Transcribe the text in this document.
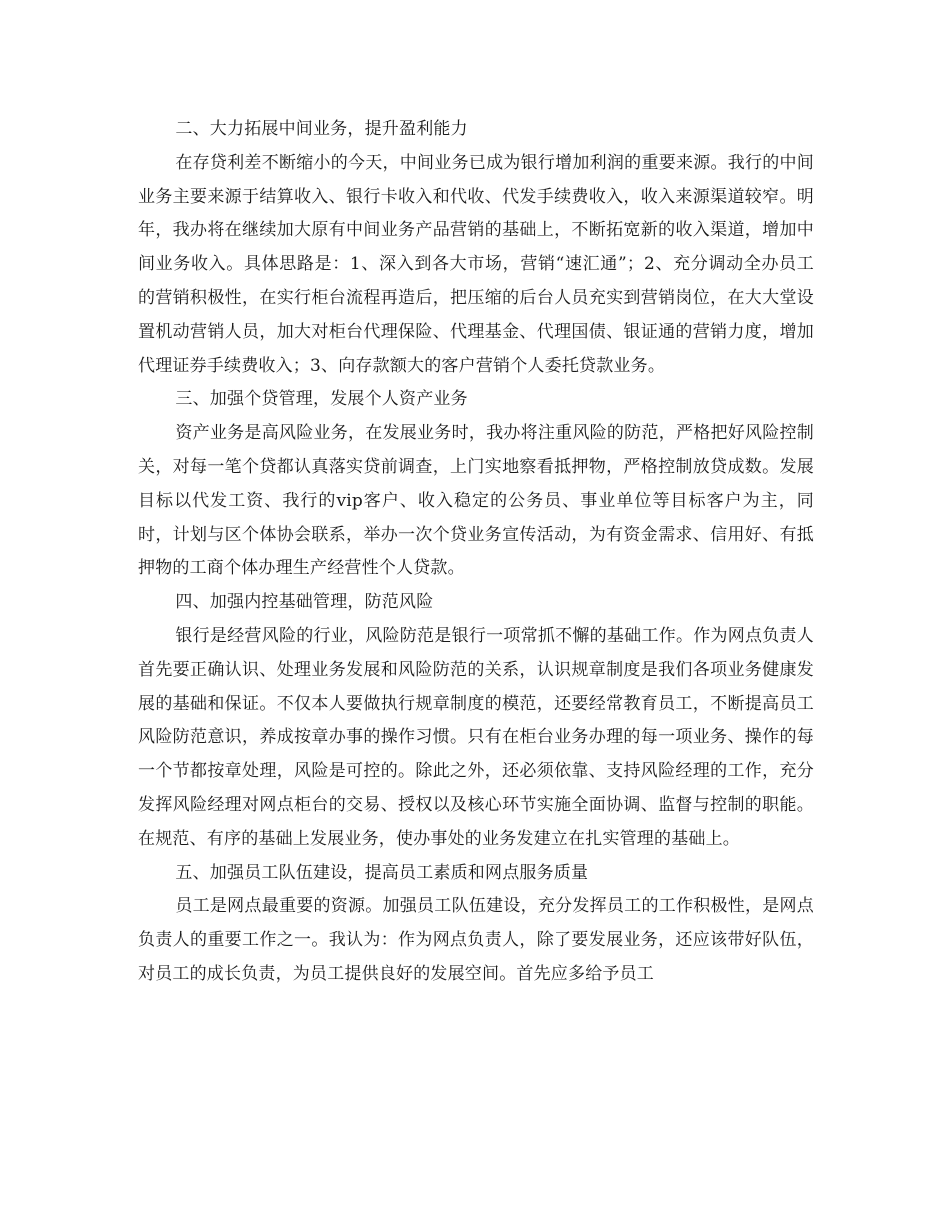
二、大力拓展中间业务，提升盈利能力

在存贷利差不断缩小的今天，中间业务已成为银行增加利润的重要来源。我行的中间业务主要来源于结算收入、银行卡收入和代收、代发手续费收入，收入来源渠道较窄。明年，我办将在继续加大原有中间业务产品营销的基础上，不断拓宽新的收入渠道，增加中间业务收入。具体思路是：1、深入到各大市场，营销“速汇通”；2、充分调动全办员工的营销积极性，在实行柜台流程再造后，把压缩的后台人员充实到营销岗位，在大大堂设置机动营销人员，加大对柜台代理保险、代理基金、代理国债、银证通的营销力度，增加代理证券手续费收入；3、向存款额大的客户营销个人委托贷款业务。

三、加强个贷管理，发展个人资产业务

资产业务是高风险业务，在发展业务时，我办将注重风险的防范，严格把好风险控制关，对每一笔个贷都认真落实贷前调查，上门实地察看抵押物，严格控制放贷成数。发展目标以代发工资、我行的vip客户、收入稳定的公务员、事业单位等目标客户为主，同时，计划与区个体协会联系，举办一次个贷业务宣传活动，为有资金需求、信用好、有抵押物的工商个体办理生产经营性个人贷款。

四、加强内控基础管理，防范风险

银行是经营风险的行业，风险防范是银行一项常抓不懈的基础工作。作为网点负责人首先要正确认识、处理业务发展和风险防范的关系，认识规章制度是我们各项业务健康发展的基础和保证。不仅本人要做执行规章制度的模范，还要经常教育员工，不断提高员工风险防范意识，养成按章办事的操作习惯。只有在柜台业务办理的每一项业务、操作的每一个节都按章处理，风险是可控的。除此之外，还必须依靠、支持风险经理的工作，充分发挥风险经理对网点柜台的交易、授权以及核心环节实施全面协调、监督与控制的职能。在规范、有序的基础上发展业务，使办事处的业务发建立在扎实管理的基础上。

五、加强员工队伍建设，提高员工素质和网点服务质量

员工是网点最重要的资源。加强员工队伍建设，充分发挥员工的工作积极性，是网点负责人的重要工作之一。我认为：作为网点负责人，除了要发展业务，还应该带好队伍，对员工的成长负责，为员工提供良好的发展空间。首先应多给予员工
